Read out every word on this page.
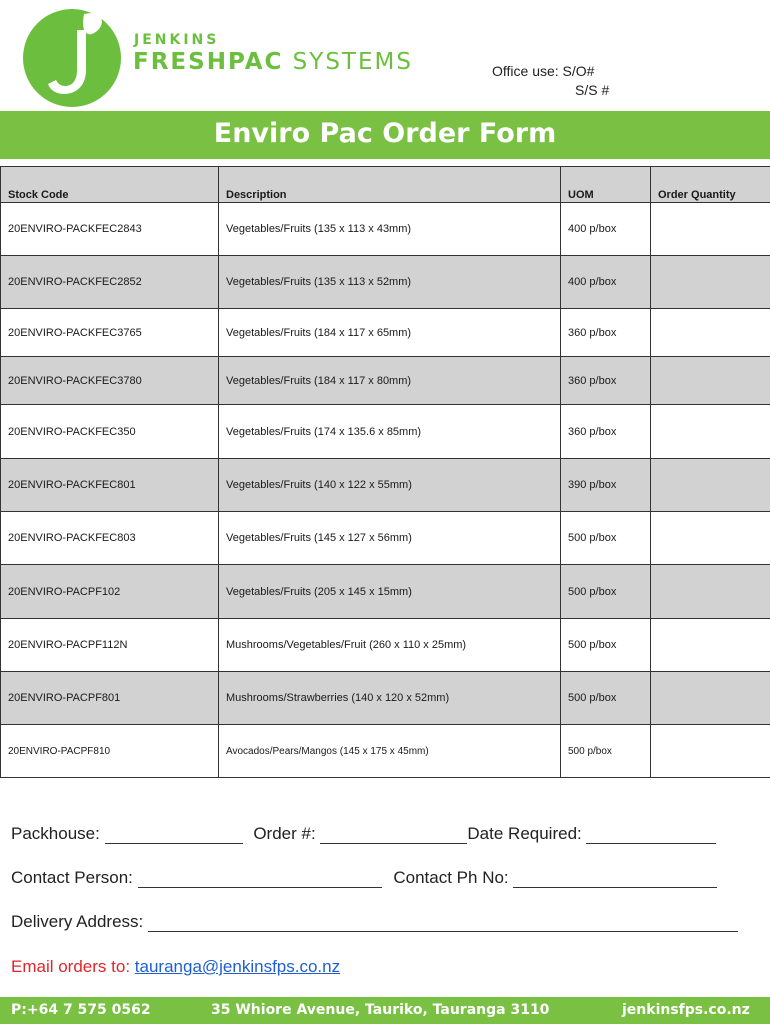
JENKINS
FRESHPAC SYSTEMS	Office use: S/O#
S/S #
Enviro Pac Order Form
Stock Code	Description	UOM	Order Quantity
20ENVIRO-PACKFEC2843	Vegetables/Fruits (135 x 113 x 43mm)	400 p/box	
20ENVIRO-PACKFEC2852	Vegetables/Fruits (135 x 113 x 52mm)	400 p/box	
20ENVIRO-PACKFEC3765	Vegetables/Fruits (184 x 117 x 65mm)	360 p/box	
20ENVIRO-PACKFEC3780	Vegetables/Fruits (184 x 117 x 80mm)	360 p/box	
20ENVIRO-PACKFEC350	Vegetables/Fruits (174 x 135.6 x 85mm)	360 p/box	
20ENVIRO-PACKFEC801	Vegetables/Fruits (140 x 122 x 55mm)	390 p/box	
20ENVIRO-PACKFEC803	Vegetables/Fruits (145 x 127 x 56mm)	500 p/box	
20ENVIRO-PACPF102	Vegetables/Fruits (205 x 145 x 15mm)	500 p/box	
20ENVIRO-PACPF112N	Mushrooms/Vegetables/Fruit (260 x 110 x 25mm)	500 p/box	
20ENVIRO-PACPF801	Mushrooms/Strawberries (140 x 120 x 52mm)	500 p/box	
20ENVIRO-PACPF810	Avocados/Pears/Mangos (145 x 175 x 45mm)	500 p/box	
Packhouse:	Order #:	Date Required:
Contact Person:	Contact Ph No:
Delivery Address:
Email orders to: tauranga@jenkinsfps.co.nz
P:+64 7 575 0562	35 Whiore Avenue, Tauriko, Tauranga 3110	jenkinsfps.co.nz
